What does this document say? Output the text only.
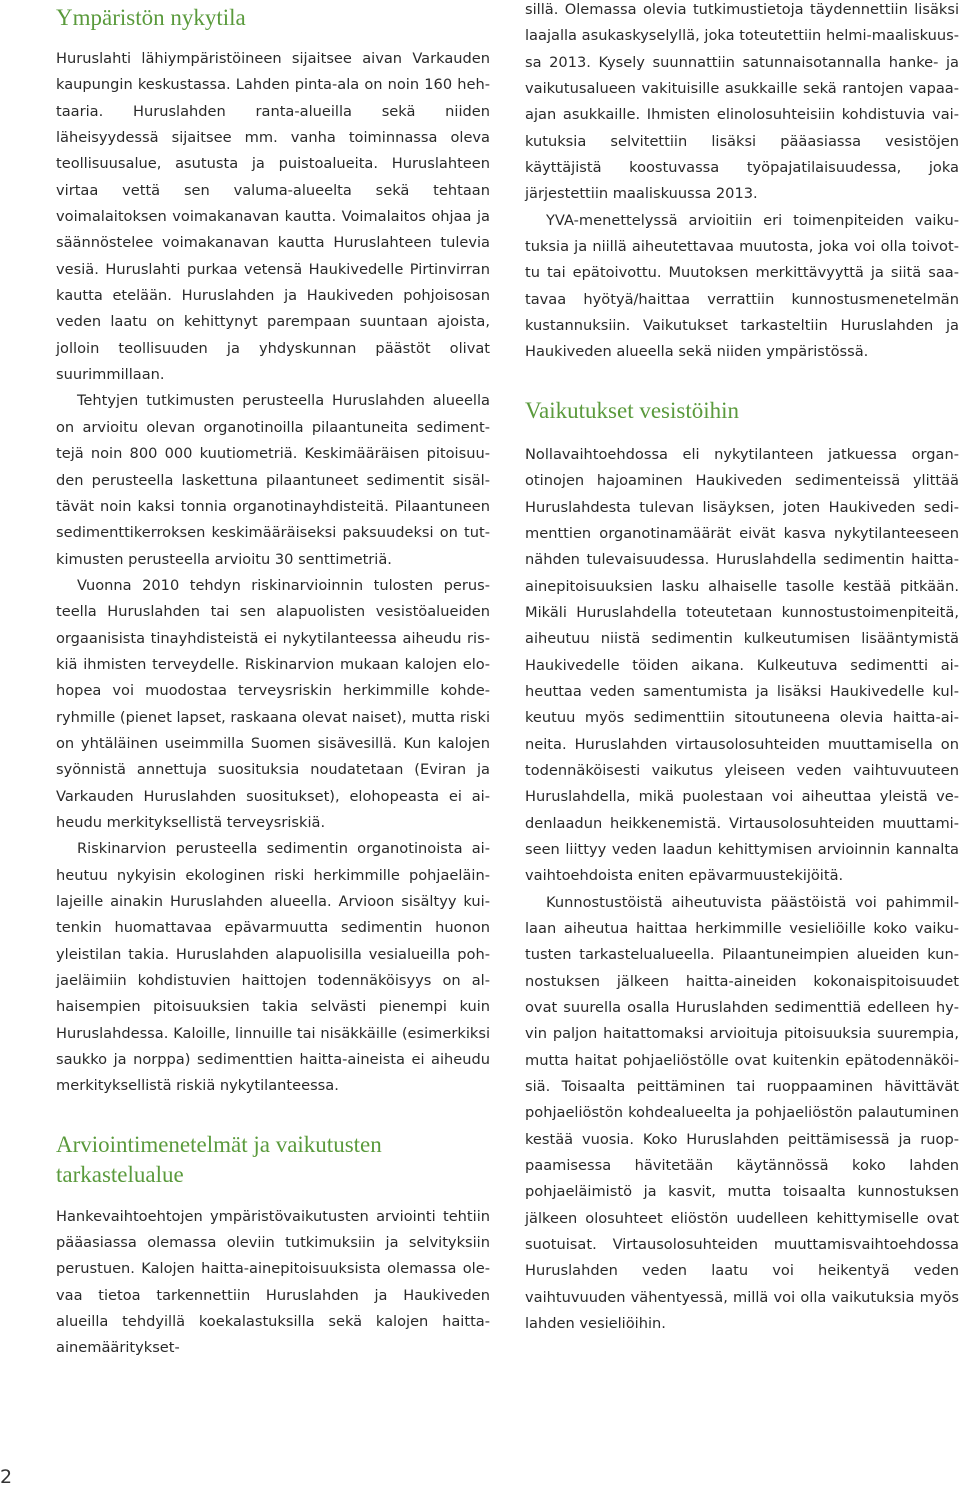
Ympäristön nykytila

Huruslahti lähiympäristöineen sijaitsee aivan Varkauden kaupungin keskustassa. Lahden pinta-ala on noin 160 hehtaaria. Huruslahden ranta-alueilla sekä niiden läheisyydessä sijaitsee mm. vanha toiminnassa oleva teollisuusalue, asutusta ja puistoalueita. Huruslahteen virtaa vettä sen valuma-alueelta sekä tehtaan voimalaitoksen voimakanavan kautta. Voimalaitos ohjaa ja säännöstelee voimakanavan kautta Huruslahteen tulevia vesiä. Huruslahti purkaa vetensä Haukivedelle Pirtinvirran kautta etelään. Huruslahden ja Haukiveden pohjoisosan veden laatu on kehittynyt parempaan suuntaan ajoista, jolloin teollisuuden ja yhdyskunnan päästöt olivat suurimmillaan.

Tehtyjen tutkimusten perusteella Huruslahden alueella on arvioitu olevan organotinoilla pilaantuneita sedimenttejä noin 800 000 kuutiometriä. Keskimääräisen pitoisuuden perusteella laskettuna pilaantuneet sedimentit sisältävät noin kaksi tonnia organotinayhdisteitä. Pilaantuneen sedimenttikerroksen keskimääräiseksi paksuudeksi on tutkimusten perusteella arvioitu 30 senttimetriä.

Vuonna 2010 tehdyn riskinarvioinnin tulosten perusteella Huruslahden tai sen alapuolisten vesistöalueiden orgaanisista tinayhdisteistä ei nykytilanteessa aiheudu riskiä ihmisten terveydelle. Riskinarvion mukaan kalojen elohopea voi muodostaa terveysriskin herkimmille kohderyhmille (pienet lapset, raskaana olevat naiset), mutta riski on yhtäläinen useimmilla Suomen sisävesillä. Kun kalojen syönnistä annettuja suosituksia noudatetaan (Eviran ja Varkauden Huruslahden suositukset), elohopeasta ei aiheudu merkityksellistä terveysriskiä.

Riskinarvion perusteella sedimentin organotinoista aiheutuu nykyisin ekologinen riski herkimmille pohjaeläinlajeille ainakin Huruslahden alueella. Arvioon sisältyy kuitenkin huomattavaa epävarmuutta sedimentin huonon yleistilan takia. Huruslahden alapuolisilla vesialueilla pohjaeläimiin kohdistuvien haittojen todennäköisyys on alhaisempien pitoisuuksien takia selvästi pienempi kuin Huruslahdessa. Kaloille, linnuille tai nisäkkäille (esimerkiksi saukko ja norppa) sedimenttien haitta-aineista ei aiheudu merkityksellistä riskiä nykytilanteessa.

Arviointimenetelmät ja vaikutusten tarkastelualue

Hankevaihtoehtojen ympäristövaikutusten arviointi tehtiin pääasiassa olemassa oleviin tutkimuksiin ja selvityksiin perustuen. Kalojen haitta-ainepitoisuuksista olemassa olevaa tietoa tarkennettiin Huruslahden ja Haukiveden alueilla tehdyillä koekalastuksilla sekä kalojen haitta-ainemääritykset-

sillä. Olemassa olevia tutkimustietoja täydennettiin lisäksi laajalla asukaskyselyllä, joka toteutettiin helmi-maaliskuussa 2013. Kysely suunnattiin satunnaisotannalla hanke- ja vaikutusalueen vakituisille asukkaille sekä rantojen vapaa-ajan asukkaille. Ihmisten elinolosuhteisiin kohdistuvia vaikutuksia selvitettiin lisäksi pääasiassa vesistöjen käyttäjistä koostuvassa työpajatilaisuudessa, joka järjestettiin maaliskuussa 2013.

YVA-menettelyssä arvioitiin eri toimenpiteiden vaikutuksia ja niillä aiheutettavaa muutosta, joka voi olla toivottu tai epätoivottu. Muutoksen merkittävyyttä ja siitä saatavaa hyötyä/haittaa verrattiin kunnostusmenetelmän kustannuksiin. Vaikutukset tarkasteltiin Huruslahden ja Haukiveden alueella sekä niiden ympäristössä.

Vaikutukset vesistöihin

Nollavaihtoehdossa eli nykytilanteen jatkuessa organotinojen hajoaminen Haukiveden sedimenteissä ylittää Huruslahdesta tulevan lisäyksen, joten Haukiveden sedimenttien organotinamäärät eivät kasva nykytilanteeseen nähden tulevaisuudessa. Huruslahdella sedimentin haitta-ainepitoisuuksien lasku alhaiselle tasolle kestää pitkään. Mikäli Huruslahdella toteutetaan kunnostustoimenpiteitä, aiheutuu niistä sedimentin kulkeutumisen lisääntymistä Haukivedelle töiden aikana. Kulkeutuva sedimentti aiheuttaa veden samentumista ja lisäksi Haukivedelle kulkeutuu myös sedimenttiin sitoutuneena olevia haitta-aineita. Huruslahden virtausolosuhteiden muuttamisella on todennäköisesti vaikutus yleiseen veden vaihtuvuuteen Huruslahdella, mikä puolestaan voi aiheuttaa yleistä vedenlaadun heikkenemistä. Virtausolosuhteiden muuttamiseen liittyy veden laadun kehittymisen arvioinnin kannalta vaihtoehdoista eniten epävarmuustekijöitä.

Kunnostustöistä aiheutuvista päästöistä voi pahimmillaan aiheutua haittaa herkimmille vesieliöille koko vaikutusten tarkastelualueella. Pilaantuneimpien alueiden kunnostuksen jälkeen haitta-aineiden kokonaispitoisuudet ovat suurella osalla Huruslahden sedimenttiä edelleen hyvin paljon haitattomaksi arvioituja pitoisuuksia suurempia, mutta haitat pohjaeliöstölle ovat kuitenkin epätodennäköisiä. Toisaalta peittäminen tai ruoppaaminen hävittävät pohjaeliöstön kohdealueelta ja pohjaeliöstön palautuminen kestää vuosia. Koko Huruslahden peittämisessä ja ruoppaamisessa hävitetään käytännössä koko lahden pohjaeläimistö ja kasvit, mutta toisaalta kunnostuksen jälkeen olosuhteet eliöstön uudelleen kehittymiselle ovat suotuisat. Virtausolosuhteiden muuttamisvaihtoehdossa Huruslahden veden laatu voi heikentyä veden vaihtuvuuden vähentyessä, millä voi olla vaikutuksia myös lahden vesieliöihin.

2
